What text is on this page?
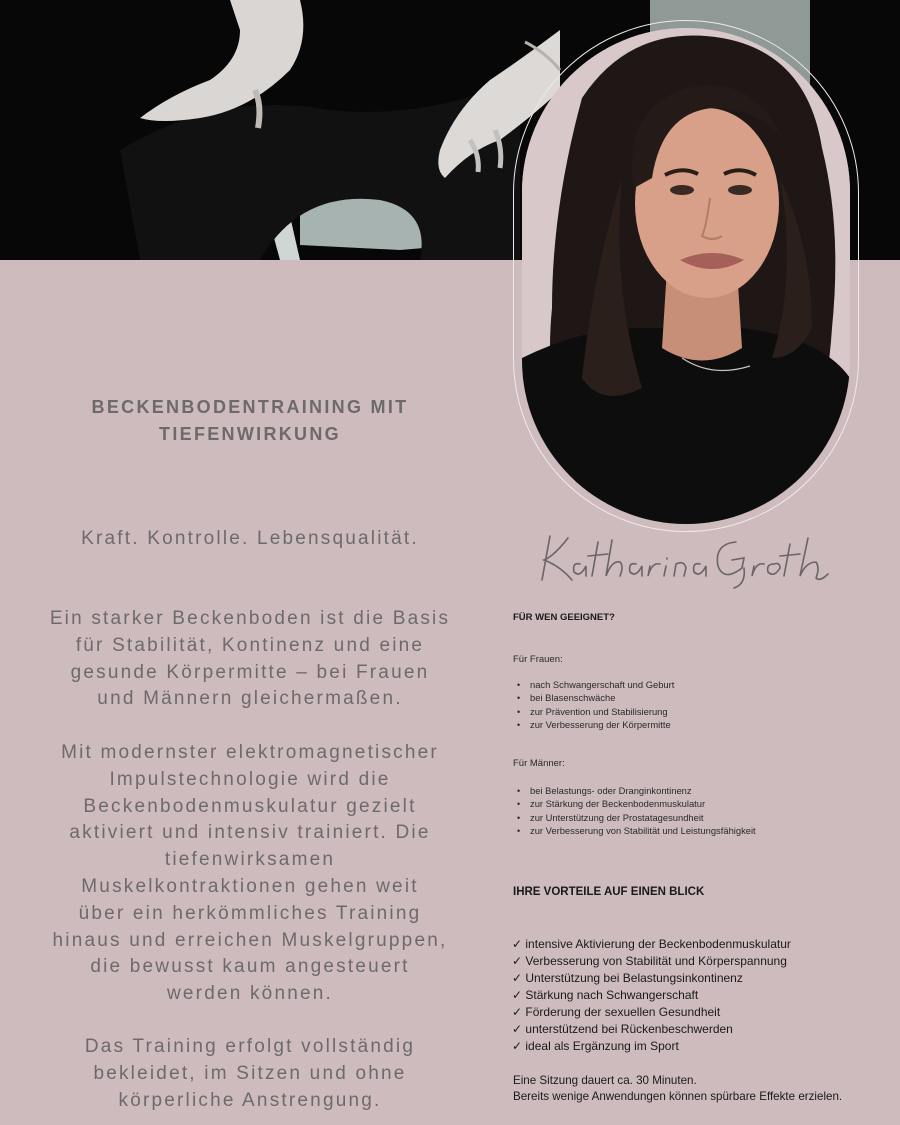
BECKENBODENTRAINING MIT
TIEFENWIRKUNG
Kraft. Kontrolle. Lebensqualität.
Ein starker Beckenboden ist die Basis
für Stabilität, Kontinenz und eine
gesunde Körpermitte – bei Frauen
und Männern gleichermaßen.
Mit modernster elektromagnetischer
Impulstechnologie wird die
Beckenbodenmuskulatur gezielt
aktiviert und intensiv trainiert. Die
tiefenwirksamen
Muskelkontraktionen gehen weit
über ein herkömmliches Training
hinaus und erreichen Muskelgruppen,
die bewusst kaum angesteuert
werden können.
Das Training erfolgt vollständig
bekleidet, im Sitzen und ohne
körperliche Anstrengung.
FÜR WEN GEEIGNET?
Für Frauen:
• nach Schwangerschaft und Geburt
• bei Blasenschwäche
• zur Prävention und Stabilisierung
• zur Verbesserung der Körpermitte
Für Männer:
• bei Belastungs- oder Dranginkontinenz
• zur Stärkung der Beckenbodenmuskulatur
• zur Unterstützung der Prostatagesundheit
• zur Verbesserung von Stabilität und Leistungsfähigkeit
IHRE VORTEILE AUF EINEN BLICK
✓ intensive Aktivierung der Beckenbodenmuskulatur
✓ Verbesserung von Stabilität und Körperspannung
✓ Unterstützung bei Belastungsinkontinenz
✓ Stärkung nach Schwangerschaft
✓ Förderung der sexuellen Gesundheit
✓ unterstützend bei Rückenbeschwerden
✓ ideal als Ergänzung im Sport
Eine Sitzung dauert ca. 30 Minuten.
Bereits wenige Anwendungen können spürbare Effekte erzielen.
